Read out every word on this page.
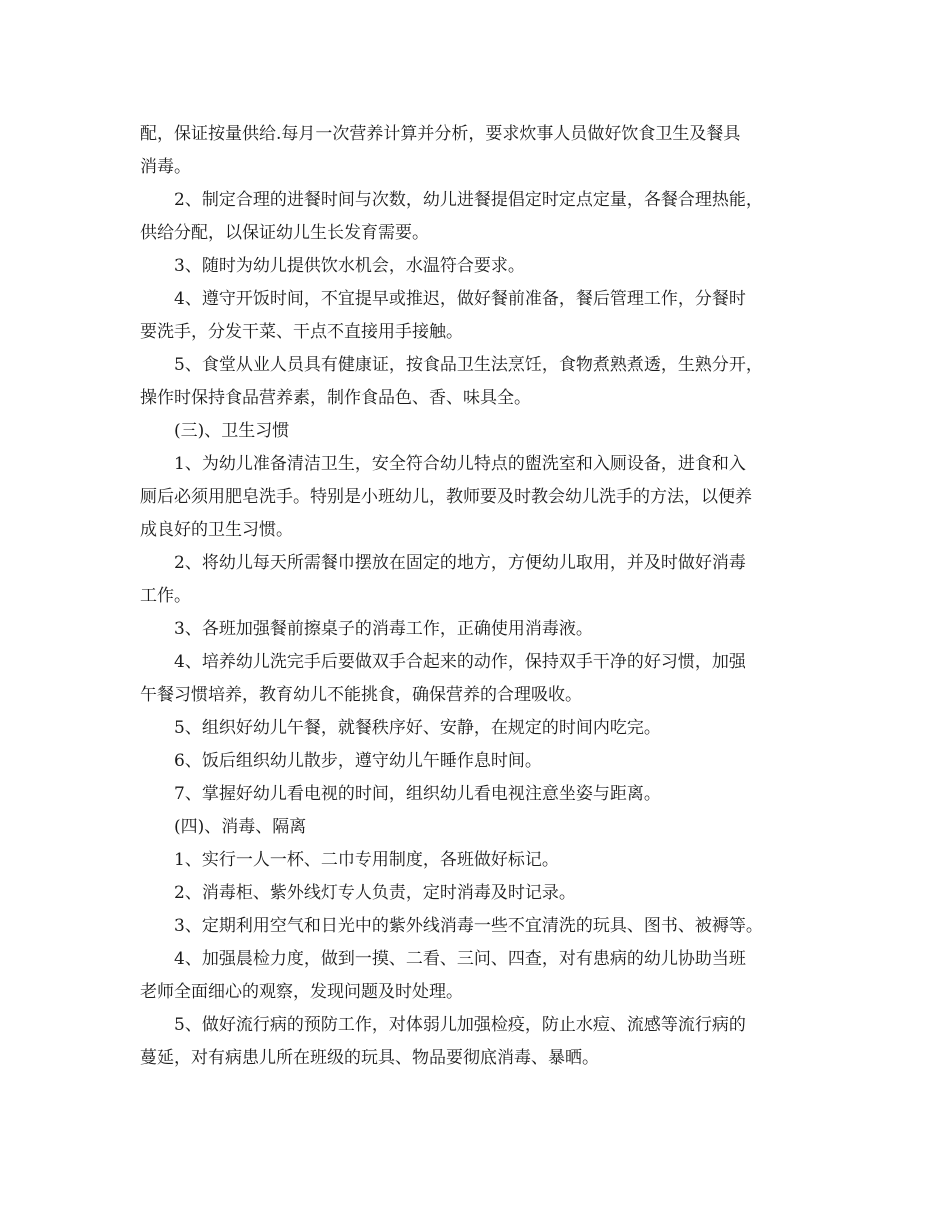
配，保证按量供给.每月一次营养计算并分析，要求炊事人员做好饮食卫生及餐具

消毒。

2、制定合理的进餐时间与次数，幼儿进餐提倡定时定点定量，各餐合理热能，

供给分配，以保证幼儿生长发育需要。

3、随时为幼儿提供饮水机会，水温符合要求。

4、遵守开饭时间，不宜提早或推迟，做好餐前准备，餐后管理工作，分餐时

要洗手，分发干菜、干点不直接用手接触。

5、食堂从业人员具有健康证，按食品卫生法烹饪，食物煮熟煮透，生熟分开，

操作时保持食品营养素，制作食品色、香、味具全。

(三)、卫生习惯

1、为幼儿准备清洁卫生，安全符合幼儿特点的盥洗室和入厕设备，进食和入

厕后必须用肥皂洗手。特别是小班幼儿，教师要及时教会幼儿洗手的方法，以便养

成良好的卫生习惯。

2、将幼儿每天所需餐巾摆放在固定的地方，方便幼儿取用，并及时做好消毒

工作。

3、各班加强餐前擦桌子的消毒工作，正确使用消毒液。

4、培养幼儿洗完手后要做双手合起来的动作，保持双手干净的好习惯，加强

午餐习惯培养，教育幼儿不能挑食，确保营养的合理吸收。

5、组织好幼儿午餐，就餐秩序好、安静，在规定的时间内吃完。

6、饭后组织幼儿散步，遵守幼儿午睡作息时间。

7、掌握好幼儿看电视的时间，组织幼儿看电视注意坐姿与距离。

(四)、消毒、隔离

1、实行一人一杯、二巾专用制度，各班做好标记。

2、消毒柜、紫外线灯专人负责，定时消毒及时记录。

3、定期利用空气和日光中的紫外线消毒一些不宜清洗的玩具、图书、被褥等。

4、加强晨检力度，做到一摸、二看、三问、四查，对有患病的幼儿协助当班

老师全面细心的观察，发现问题及时处理。

5、做好流行病的预防工作，对体弱儿加强检疫，防止水痘、流感等流行病的

蔓延，对有病患儿所在班级的玩具、物品要彻底消毒、暴晒。
